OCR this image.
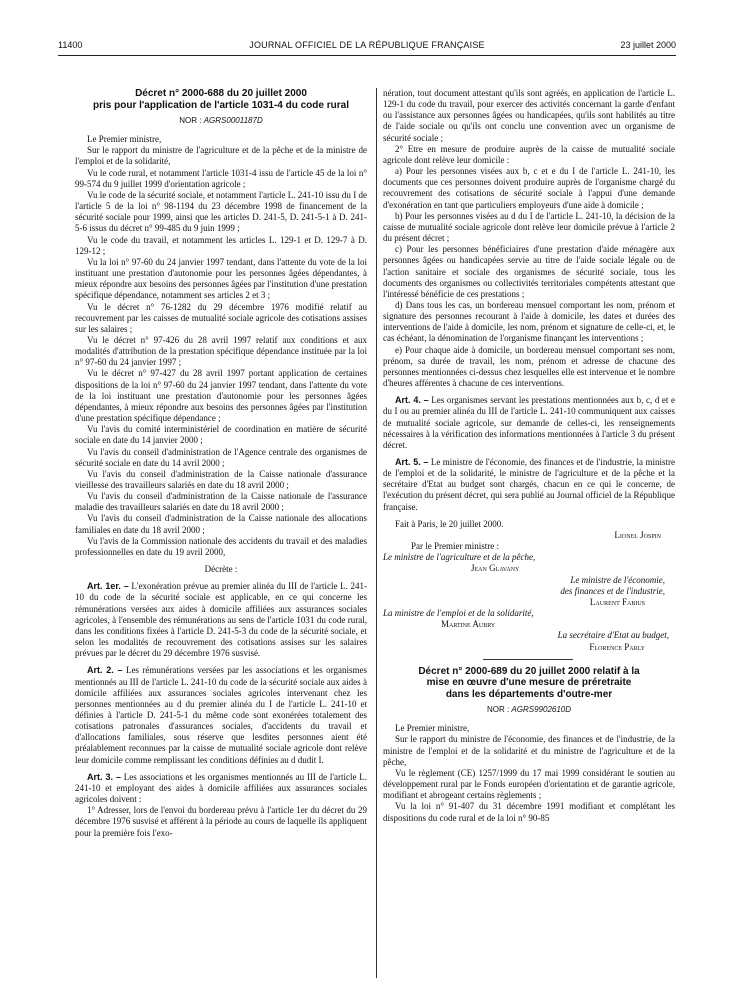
11400	JOURNAL OFFICIEL DE LA RÉPUBLIQUE FRANÇAISE	23 juillet 2000
Décret n° 2000-688 du 20 juillet 2000
pris pour l'application de l'article 1031-4 du code rural
NOR : AGRS0001187D

Le Premier ministre,

Sur le rapport du ministre de l'agriculture et de la pêche et de la ministre de l'emploi et de la solidarité,

Vu le code rural, et notamment l'article 1031-4 issu de l'article 45 de la loi n° 99-574 du 9 juillet 1999 d'orientation agricole ;

Vu le code de la sécurité sociale, et notamment l'article L. 241-10 issu du I de l'article 5 de la loi n° 98-1194 du 23 décembre 1998 de financement de la sécurité sociale pour 1999, ainsi que les articles D. 241-5, D. 241-5-1 à D. 241-5-6 issus du décret n° 99-485 du 9 juin 1999 ;

Vu le code du travail, et notamment les articles L. 129-1 et D. 129-7 à D. 129-12 ;

Vu la loi n° 97-60 du 24 janvier 1997 tendant, dans l'attente du vote de la loi instituant une prestation d'autonomie pour les personnes âgées dépendantes, à mieux répondre aux besoins des personnes âgées par l'institution d'une prestation spécifique dépendance, notamment ses articles 2 et 3 ;

Vu le décret n° 76-1282 du 29 décembre 1976 modifié relatif au recouvrement par les caisses de mutualité sociale agricole des cotisations assises sur les salaires ;

Vu le décret n° 97-426 du 28 avril 1997 relatif aux conditions et aux modalités d'attribution de la prestation spécifique dépendance instituée par la loi n° 97-60 du 24 janvier 1997 ;

Vu le décret n° 97-427 du 28 avril 1997 portant application de certaines dispositions de la loi n° 97-60 du 24 janvier 1997 tendant, dans l'attente du vote de la loi instituant une prestation d'autonomie pour les personnes âgées dépendantes, à mieux répondre aux besoins des personnes âgées par l'institution d'une prestation spécifique dépendance ;

Vu l'avis du comité interministériel de coordination en matière de sécurité sociale en date du 14 janvier 2000 ;

Vu l'avis du conseil d'administration de l'Agence centrale des organismes de sécurité sociale en date du 14 avril 2000 ;

Vu l'avis du conseil d'administration de la Caisse nationale d'assurance vieillesse des travailleurs salariés en date du 18 avril 2000 ;

Vu l'avis du conseil d'administration de la Caisse nationale de l'assurance maladie des travailleurs salariés en date du 18 avril 2000 ;

Vu l'avis du conseil d'administration de la Caisse nationale des allocations familiales en date du 18 avril 2000 ;

Vu l'avis de la Commission nationale des accidents du travail et des maladies professionnelles en date du 19 avril 2000,

Décrète :

Art. 1er. – L'exonération prévue au premier alinéa du III de l'article L. 241-10 du code de la sécurité sociale est applicable, en ce qui concerne les rémunérations versées aux aides à domicile affiliées aux assurances sociales agricoles, à l'ensemble des rémunérations au sens de l'article 1031 du code rural, dans les conditions fixées à l'article D. 241-5-3 du code de la sécurité sociale, et selon les modalités de recouvrement des cotisations assises sur les salaires prévues par le décret du 29 décembre 1976 susvisé.

Art. 2. – Les rémunérations versées par les associations et les organismes mentionnés au III de l'article L. 241-10 du code de la sécurité sociale aux aides à domicile affiliées aux assurances sociales agricoles intervenant chez les personnes mentionnées au d du premier alinéa du I de l'article L. 241-10 et définies à l'article D. 241-5-1 du même code sont exonérées totalement des cotisations patronales d'assurances sociales, d'accidents du travail et d'allocations familiales, sous réserve que lesdites personnes aient été préalablement reconnues par la caisse de mutualité sociale agricole dont relève leur domicile comme remplissant les conditions définies au d dudit I.

Art. 3. – Les associations et les organismes mentionnés au III de l'article L. 241-10 et employant des aides à domicile affiliées aux assurances sociales agricoles doivent :

1° Adresser, lors de l'envoi du bordereau prévu à l'article 1er du décret du 29 décembre 1976 susvisé et afférent à la période au cours de laquelle ils appliquent pour la première fois l'exo-

nération, tout document attestant qu'ils sont agréés, en application de l'article L. 129-1 du code du travail, pour exercer des activités concernant la garde d'enfant ou l'assistance aux personnes âgées ou handicapées, qu'ils sont habilités au titre de l'aide sociale ou qu'ils ont conclu une convention avec un organisme de sécurité sociale ;

2° Etre en mesure de produire auprès de la caisse de mutualité sociale agricole dont relève leur domicile :

a) Pour les personnes visées aux b, c et e du I de l'article L. 241-10, les documents que ces personnes doivent produire auprès de l'organisme chargé du recouvrement des cotisations de sécurité sociale à l'appui d'une demande d'exonération en tant que particuliers employeurs d'une aide à domicile ;

b) Pour les personnes visées au d du I de l'article L. 241-10, la décision de la caisse de mutualité sociale agricole dont relève leur domicile prévue à l'article 2 du présent décret ;

c) Pour les personnes bénéficiaires d'une prestation d'aide ménagère aux personnes âgées ou handicapées servie au titre de l'aide sociale légale ou de l'action sanitaire et sociale des organismes de sécurité sociale, tous les documents des organismes ou collectivités territoriales compétents attestant que l'intéressé bénéficie de ces prestations ;

d) Dans tous les cas, un bordereau mensuel comportant les nom, prénom et signature des personnes recourant à l'aide à domicile, les dates et durées des interventions de l'aide à domicile, les nom, prénom et signature de celle-ci, et, le cas échéant, la dénomination de l'organisme finançant les interventions ;

e) Pour chaque aide à domicile, un bordereau mensuel comportant ses nom, prénom, sa durée de travail, les nom, prénom et adresse de chacune des personnes mentionnées ci-dessus chez lesquelles elle est intervenue et le nombre d'heures afférentes à chacune de ces interventions.

Art. 4. – Les organismes servant les prestations mentionnées aux b, c, d et e du I ou au premier alinéa du III de l'article L. 241-10 communiquent aux caisses de mutualité sociale agricole, sur demande de celles-ci, les renseignements nécessaires à la vérification des informations mentionnées à l'article 3 du présent décret.

Art. 5. – Le ministre de l'économie, des finances et de l'industrie, la ministre de l'emploi et de la solidarité, le ministre de l'agriculture et de la pêche et la secrétaire d'Etat au budget sont chargés, chacun en ce qui le concerne, de l'exécution du présent décret, qui sera publié au Journal officiel de la République française.

Fait à Paris, le 20 juillet 2000.

Lionel Jospin

Par le Premier ministre :

Le ministre de l'agriculture et de la pêche,

Jean Glavany

Le ministre de l'économie,

des finances et de l'industrie,

Laurent Fabius

La ministre de l'emploi et de la solidarité,

Martine Aubry

La secrétaire d'Etat au budget,

Florence Parly

Décret n° 2000-689 du 20 juillet 2000 relatif à la
mise en œuvre d'une mesure de préretraite
dans les départements d'outre-mer
NOR : AGRS9902610D

Le Premier ministre,

Sur le rapport du ministre de l'économie, des finances et de l'industrie, de la ministre de l'emploi et de la solidarité et du ministre de l'agriculture et de la pêche,

Vu le règlement (CE) 1257/1999 du 17 mai 1999 considérant le soutien au développement rural par le Fonds européen d'orientation et de garantie agricole, modifiant et abrogeant certains règlements ;

Vu la loi n° 91-407 du 31 décembre 1991 modifiant et complétant les dispositions du code rural et de la loi n° 90-85
